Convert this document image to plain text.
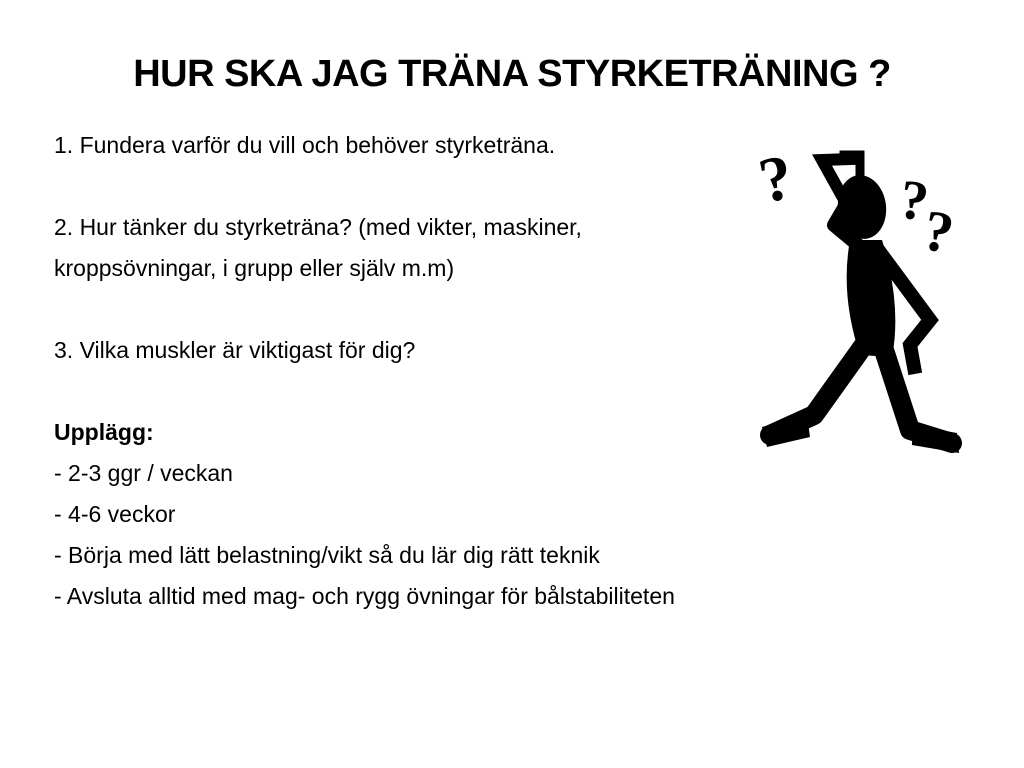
HUR SKA JAG TRÄNA STYRKETRÄNING ?
1. Fundera varför du vill och behöver styrketräna.
2. Hur tänker du styrketräna? (med vikter, maskiner,
kroppsövningar, i grupp eller själv m.m)
3. Vilka muskler är viktigast för dig?
Upplägg:
- 2-3 ggr / veckan
- 4-6 veckor
- Börja med lätt belastning/vikt så du lär dig rätt teknik
- Avsluta alltid med mag- och rygg övningar för bålstabiliteten
? ?
?
